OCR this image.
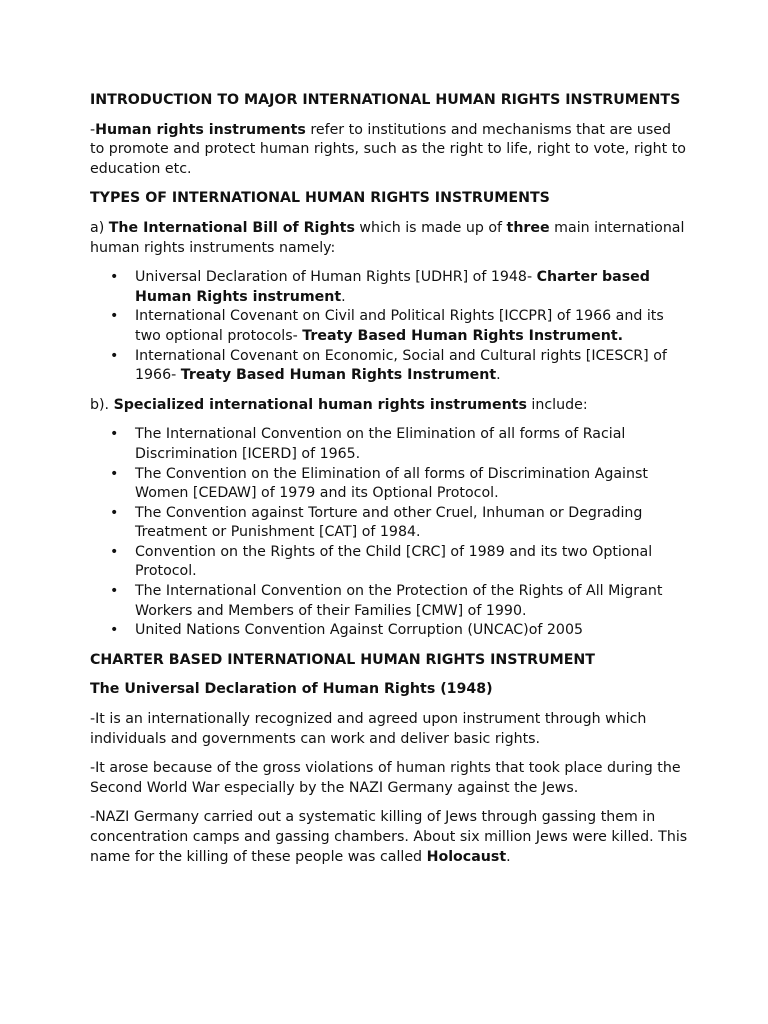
INTRODUCTION TO MAJOR INTERNATIONAL HUMAN RIGHTS INSTRUMENTS

-Human rights instruments refer to institutions and mechanisms that are used to promote and protect human rights, such as the right to life, right to vote, right to education etc.

TYPES OF INTERNATIONAL HUMAN RIGHTS INSTRUMENTS

a) The International Bill of Rights which is made up of three main international human rights instruments namely:

• Universal Declaration of Human Rights [UDHR] of 1948- Charter based Human Rights instrument.
• International Covenant on Civil and Political Rights [ICCPR] of 1966 and its two optional protocols- Treaty Based Human Rights Instrument.
• International Covenant on Economic, Social and Cultural rights [ICESCR] of 1966- Treaty Based Human Rights Instrument.

b). Specialized international human rights instruments include:

• The International Convention on the Elimination of all forms of Racial Discrimination [ICERD] of 1965.
• The Convention on the Elimination of all forms of Discrimination Against Women [CEDAW] of 1979 and its Optional Protocol.
• The Convention against Torture and other Cruel, Inhuman or Degrading Treatment or Punishment [CAT] of 1984.
• Convention on the Rights of the Child [CRC] of 1989 and its two Optional Protocol.
• The International Convention on the Protection of the Rights of All Migrant Workers and Members of their Families [CMW] of 1990.
• United Nations Convention Against Corruption (UNCAC)of 2005
CHARTER BASED INTERNATIONAL HUMAN RIGHTS INSTRUMENT
The Universal Declaration of Human Rights (1948)

-It is an internationally recognized and agreed upon instrument through which individuals and governments can work and deliver basic rights.

-It arose because of the gross violations of human rights that took place during the Second World War especially by the NAZI Germany against the Jews.

-NAZI Germany carried out a systematic killing of Jews through gassing them in concentration camps and gassing chambers. About six million Jews were killed. This name for the killing of these people was called Holocaust.
